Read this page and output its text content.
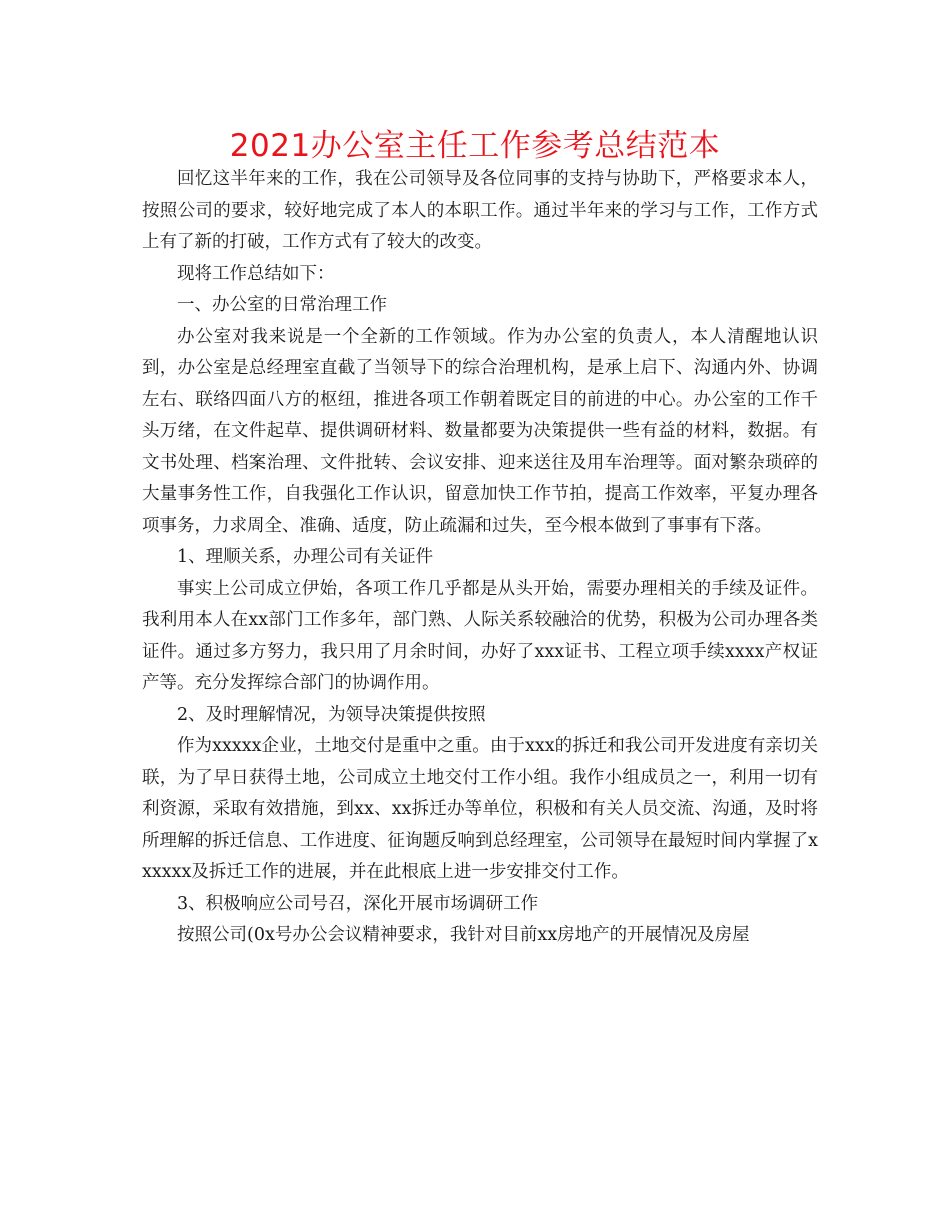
2021办公室主任工作参考总结范本

回忆这半年来的工作，我在公司领导及各位同事的支持与协助下，严格要求本人，按照公司的要求，较好地完成了本人的本职工作。通过半年来的学习与工作，工作方式上有了新的打破，工作方式有了较大的改变。

现将工作总结如下：

一、办公室的日常治理工作

办公室对我来说是一个全新的工作领域。作为办公室的负责人，本人清醒地认识到，办公室是总经理室直截了当领导下的综合治理机构，是承上启下、沟通内外、协调左右、联络四面八方的枢纽，推进各项工作朝着既定目的前进的中心。办公室的工作千头万绪，在文件起草、提供调研材料、数量都要为决策提供一些有益的材料，数据。有文书处理、档案治理、文件批转、会议安排、迎来送往及用车治理等。面对繁杂琐碎的大量事务性工作，自我强化工作认识，留意加快工作节拍，提高工作效率，平复办理各项事务，力求周全、准确、适度，防止疏漏和过失，至今根本做到了事事有下落。

1、理顺关系，办理公司有关证件

事实上公司成立伊始，各项工作几乎都是从头开始，需要办理相关的手续及证件。我利用本人在xx部门工作多年，部门熟、人际关系较融洽的优势，积极为公司办理各类证件。通过多方努力，我只用了月余时间，办好了xxx证书、工程立项手续xxxx产权证产等。充分发挥综合部门的协调作用。

2、及时理解情况，为领导决策提供按照

作为xxxxx企业，土地交付是重中之重。由于xxx的拆迁和我公司开发进度有亲切关联，为了早日获得土地，公司成立土地交付工作小组。我作小组成员之一，利用一切有利资源，采取有效措施，到xx、xx拆迁办等单位，积极和有关人员交流、沟通，及时将所理解的拆迁信息、工作进度、征询题反响到总经理室，公司领导在最短时间内掌握了xxxxxx及拆迁工作的进展，并在此根底上进一步安排交付工作。

3、积极响应公司号召，深化开展市场调研工作

按照公司(0x号办公会议精神要求，我针对目前xx房地产的开展情况及房屋
